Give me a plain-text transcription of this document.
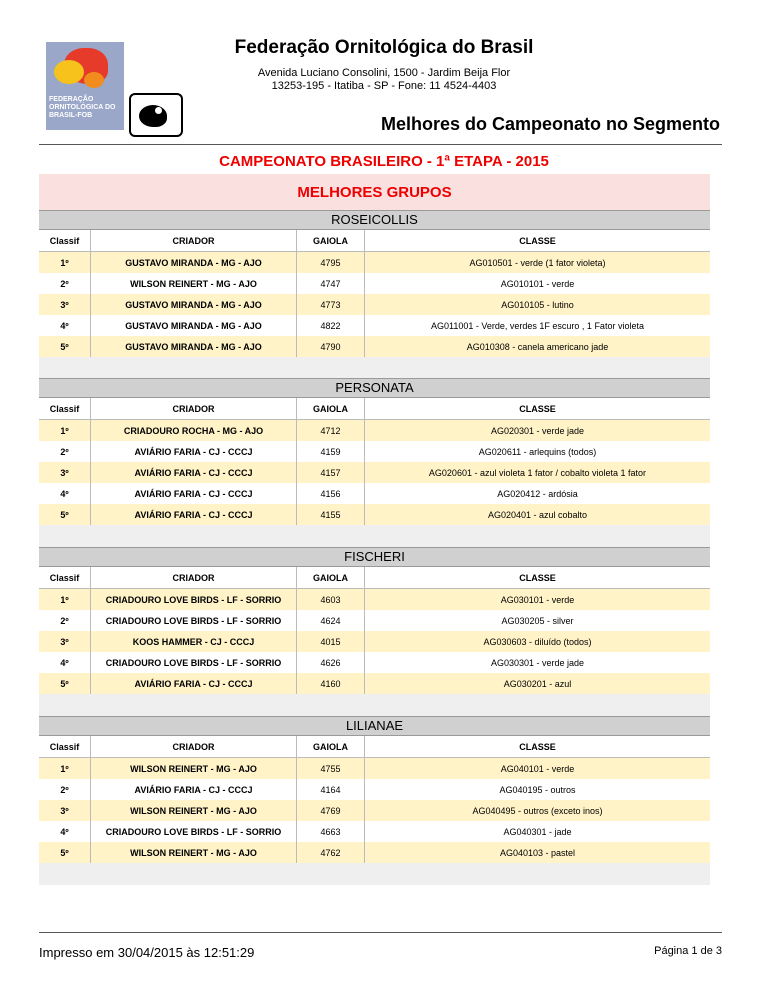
FEDERAÇÃO ORNITOLÓGICA DO BRASIL-FOB
Federação Ornitológica do Brasil
Avenida Luciano Consolini, 1500 - Jardim Beija Flor
13253-195 - Itatiba - SP - Fone: 11 4524-4403
Melhores do Campeonato no Segmento
CAMPEONATO BRASILEIRO - 1ª ETAPA - 2015
MELHORES GRUPOS
ROSEICOLLIS
Classif	CRIADOR	GAIOLA	CLASSE
1º	GUSTAVO MIRANDA - MG - AJO	4795	AG010501 - verde (1 fator violeta)
2º	WILSON REINERT - MG - AJO	4747	AG010101 - verde
3º	GUSTAVO MIRANDA - MG - AJO	4773	AG010105 - lutino
4º	GUSTAVO MIRANDA - MG - AJO	4822	AG011001 - Verde, verdes 1F escuro , 1 Fator violeta
5º	GUSTAVO MIRANDA - MG - AJO	4790	AG010308 - canela americano jade
PERSONATA
Classif	CRIADOR	GAIOLA	CLASSE
1º	CRIADOURO ROCHA - MG - AJO	4712	AG020301 - verde jade
2º	AVIÁRIO FARIA - CJ - CCCJ	4159	AG020611 - arlequins (todos)
3º	AVIÁRIO FARIA - CJ - CCCJ	4157	AG020601 - azul violeta 1 fator / cobalto violeta 1 fator
4º	AVIÁRIO FARIA - CJ - CCCJ	4156	AG020412 - ardósia
5º	AVIÁRIO FARIA - CJ - CCCJ	4155	AG020401 - azul cobalto
FISCHERI
Classif	CRIADOR	GAIOLA	CLASSE
1º	CRIADOURO LOVE BIRDS - LF - SORRIO	4603	AG030101 - verde
2º	CRIADOURO LOVE BIRDS - LF - SORRIO	4624	AG030205 - silver
3º	KOOS HAMMER - CJ - CCCJ	4015	AG030603 - diluído (todos)
4º	CRIADOURO LOVE BIRDS - LF - SORRIO	4626	AG030301 - verde jade
5º	AVIÁRIO FARIA - CJ - CCCJ	4160	AG030201 - azul
LILIANAE
Classif	CRIADOR	GAIOLA	CLASSE
1º	WILSON REINERT - MG - AJO	4755	AG040101 - verde
2º	AVIÁRIO FARIA - CJ - CCCJ	4164	AG040195 - outros
3º	WILSON REINERT - MG - AJO	4769	AG040495 - outros (exceto inos)
4º	CRIADOURO LOVE BIRDS - LF - SORRIO	4663	AG040301 - jade
5º	WILSON REINERT - MG - AJO	4762	AG040103 - pastel
Impresso em 30/04/2015 às 12:51:29	Página 1 de 3
